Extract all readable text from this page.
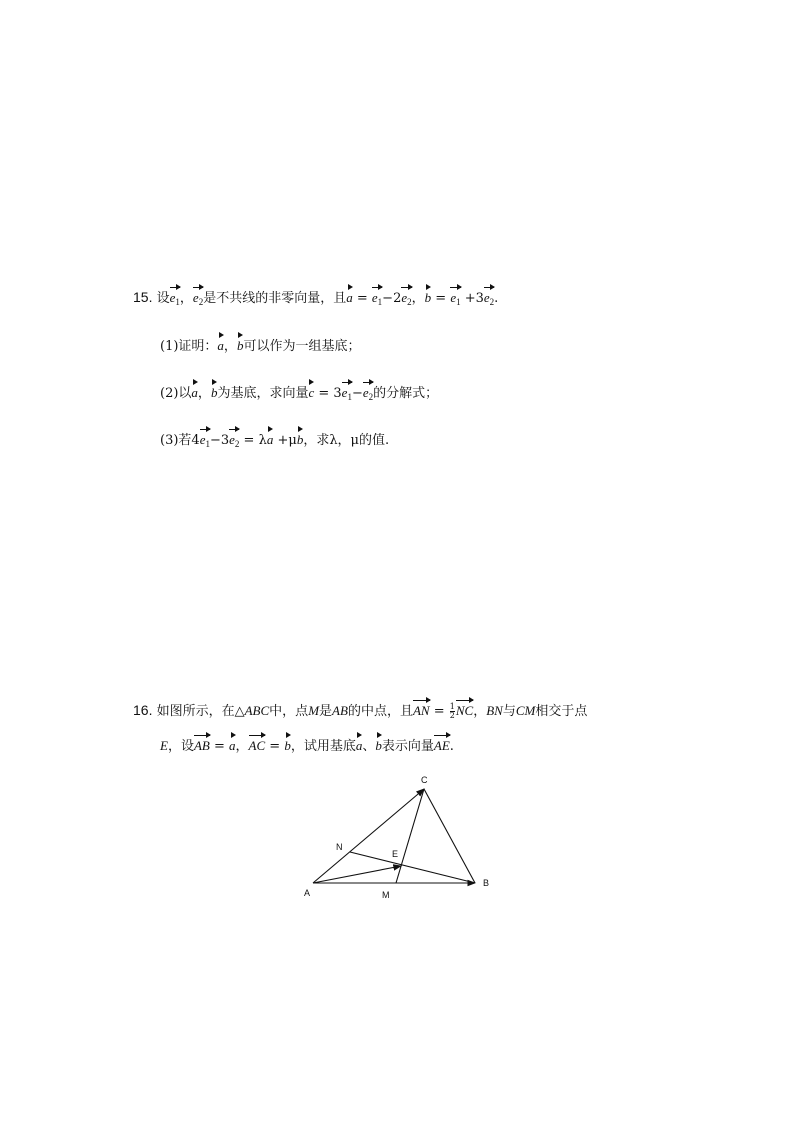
15. 设$e_1$，$e_2$是不共线的非零向量，且$a = e_1-2e_2$，$b = e_1 +3e_2$.
(1)证明：a，b可以作为一组基底；
(2)以a，b为基底，求向量$c = 3e_1-e_2$的分解式；
(3)若$4e_1-3e_2 = \lambda a +\mu b$，求λ，μ的值.
16. 如图所示，在△ABC中，点M是AB的中点，且AN = $\frac{1}{2}$ NC，BN与CM相交于点
E，设AB = a，AC = b，试用基底a、b表示向量AE.
C
N
E
A	M
B
